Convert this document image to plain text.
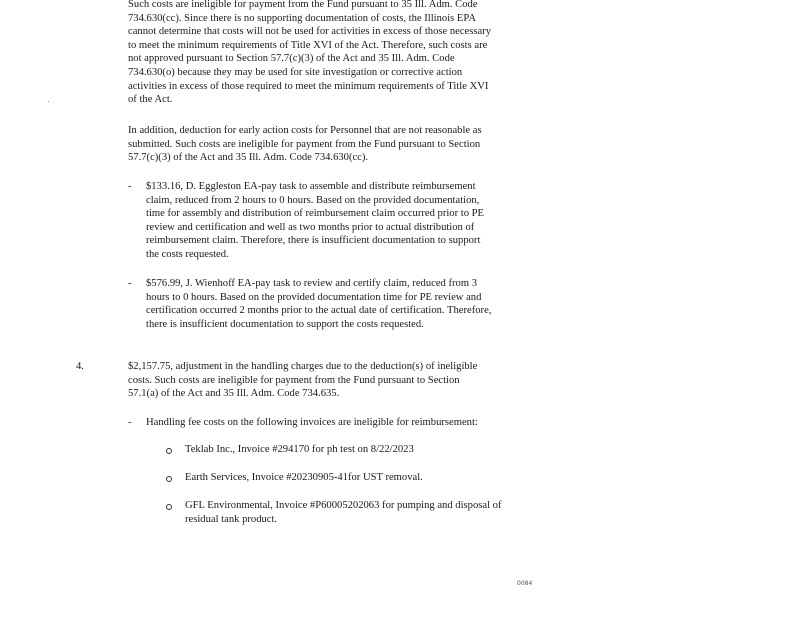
Such costs are ineligible for payment from the Fund pursuant to 35 Ill. Adm. Code
734.630(cc). Since there is no supporting documentation of costs, the Illinois EPA
cannot determine that costs will not be used for activities in excess of those necessary
to meet the minimum requirements of Title XVI of the Act. Therefore, such costs are
not approved pursuant to Section 57.7(c)(3) of the Act and 35 Ill. Adm. Code
734.630(o) because they may be used for site investigation or corrective action
activities in excess of those required to meet the minimum requirements of Title XVI
of the Act.
In addition, deduction for early action costs for Personnel that are not reasonable as
submitted. Such costs are ineligible for payment from the Fund pursuant to Section
57.7(c)(3) of the Act and 35 Ill. Adm. Code 734.630(cc).
- $133.16, D. Eggleston EA-pay task to assemble and distribute reimbursement
claim, reduced from 2 hours to 0 hours. Based on the provided documentation,
time for assembly and distribution of reimbursement claim occurred prior to PE
review and certification and well as two months prior to actual distribution of
reimbursement claim. Therefore, there is insufficient documentation to support
the costs requested.
- $576.99, J. Wienhoff EA-pay task to review and certify claim, reduced from 3
hours to 0 hours. Based on the provided documentation time for PE review and
certification occurred 2 months prior to the actual date of certification. Therefore,
there is insufficient documentation to support the costs requested.
4.	$2,157.75, adjustment in the handling charges due to the deduction(s) of ineligible
costs. Such costs are ineligible for payment from the Fund pursuant to Section
57.1(a) of the Act and 35 Ill. Adm. Code 734.635.
- Handling fee costs on the following invoices are ineligible for reimbursement:
Teklab Inc., Invoice #294170 for ph test on 8/22/2023
Earth Services, Invoice #20230905-41for UST removal.
GFL Environmental, Invoice #P60005202063 for pumping and disposal of
residual tank product.
0084
